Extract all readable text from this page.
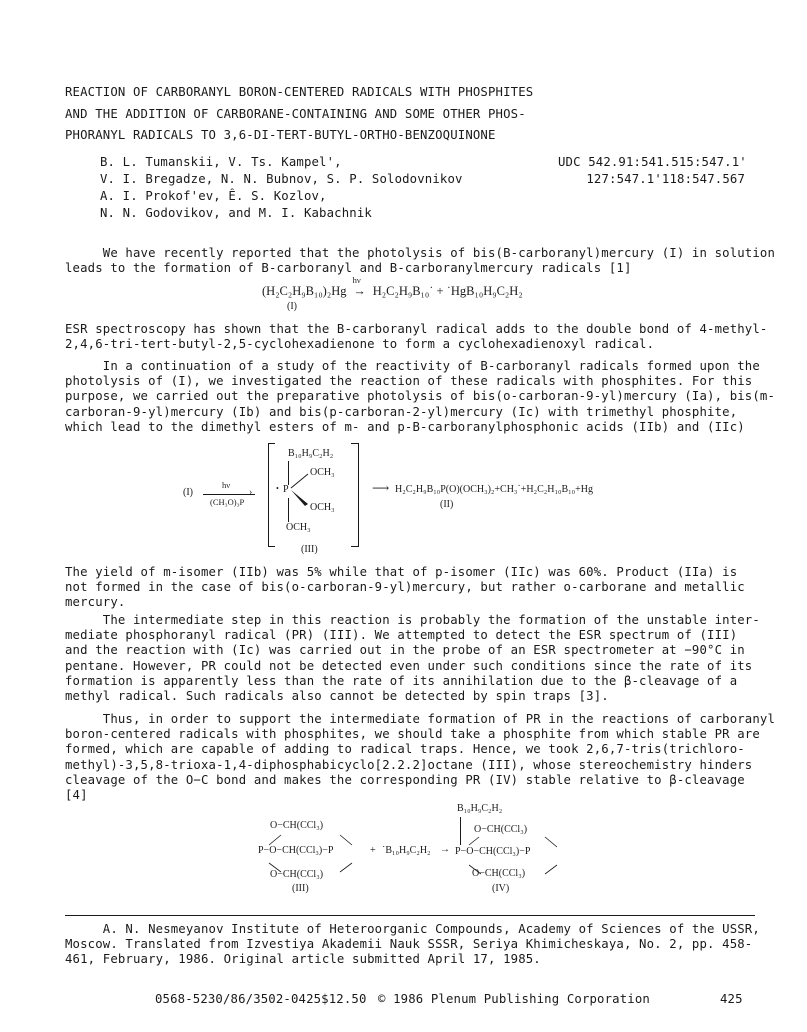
REACTION OF CARBORANYL BORON-CENTERED RADICALS WITH PHOSPHITES
AND THE ADDITION OF CARBORANE-CONTAINING AND SOME OTHER PHOS-
PHORANYL RADICALS TO 3,6-DI-TERT-BUTYL-ORTHO-BENZOQUINONE
B. L. Tumanskii, V. Ts. Kampel',
V. I. Bregadze, N. N. Bubnov, S. P. Solodovnikov
A. I. Prokof'ev, Ê. S. Kozlov,
N. N. Godovikov, and M. I. Kabachnik
UDC 542.91:541.515:547.1'
127:547.1'118:547.567

We have recently reported that the photolysis of bis(B-carboranyl)mercury (I) in solution

leads to the formation of B-carboranyl and B-carboranylmercury radicals [1]

(H₂C₂H₉B₁₀)₂Hg
hν
→ H₂C₂H₉B₁₀˙ + ˙HgB₁₀H₉C₂H₂
(I)

ESR spectroscopy has shown that the B-carboranyl radical adds to the double bond of 4-methyl-

2,4,6-tri-tert-butyl-2,5-cyclohexadienone to form a cyclohexadienoxyl radical.

In a continuation of a study of the reactivity of B-carboranyl radicals formed upon the

photolysis of (I), we investigated the reaction of these radicals with phosphites. For this

purpose, we carried out the preparative photolysis of bis(o-carboran-9-yl)mercury (Ia), bis(m-

carboran-9-yl)mercury (Ib) and bis(p-carboran-2-yl)mercury (Ic) with trimethyl phosphite,

which lead to the dimethyl esters of m- and p-B-carboranylphosphonic acids (IIb) and (IIc)

(I)
hν
›
(CH₃O)₃P
B₁₀H₉C₂H₂
OCH₃
• P
OCH₃
OCH₃
(III)
⟶ H₂C₂H₉B₁₀P(O)(OCH₃)₂+CH₃˙+H₂C₂H₁₀B₁₀+Hg
(II)

The yield of m-isomer (IIb) was 5% while that of p-isomer (IIc) was 60%. Product (IIa) is

not formed in the case of bis(o-carboran-9-yl)mercury, but rather o-carborane and metallic

mercury.

The intermediate step in this reaction is probably the formation of the unstable inter-

mediate phosphoranyl radical (PR) (III). We attempted to detect the ESR spectrum of (III)

and the reaction with (Ic) was carried out in the probe of an ESR spectrometer at −90°C in

pentane. However, PR could not be detected even under such conditions since the rate of its

formation is apparently less than the rate of its annihilation due to the β-cleavage of a

methyl radical. Such radicals also cannot be detected by spin traps [3].

Thus, in order to support the intermediate formation of PR in the reactions of carboranyl

boron-centered radicals with phosphites, we should take a phosphite from which stable PR are

formed, which are capable of adding to radical traps. Hence, we took 2,6,7-tris(trichloro-

methyl)-3,5,8-trioxa-1,4-diphosphabicyclo[2.2.2]octane (III), whose stereochemistry hinders

cleavage of the O−C bond and makes the corresponding PR (IV) stable relative to β-cleavage

[4]

O−CH(CCl₃)
P−O−CH(CCl₃)−P
O−CH(CCl₃)
(III)
+ ˙B₁₀H₉C₂H₂ →
B₁₀H₉C₂H₂
O−CH(CCl₃)
P−O−CH(CCl₃)−P
O−CH(CCl₃)
(IV)

A. N. Nesmeyanov Institute of Heteroorganic Compounds, Academy of Sciences of the USSR,

Moscow. Translated from Izvestiya Akademii Nauk SSSR, Seriya Khimicheskaya, No. 2, pp. 458-

461, February, 1986. Original article submitted April 17, 1985.

0568-5230/86/3502-0425$12.50 © 1986 Plenum Publishing Corporation	425
